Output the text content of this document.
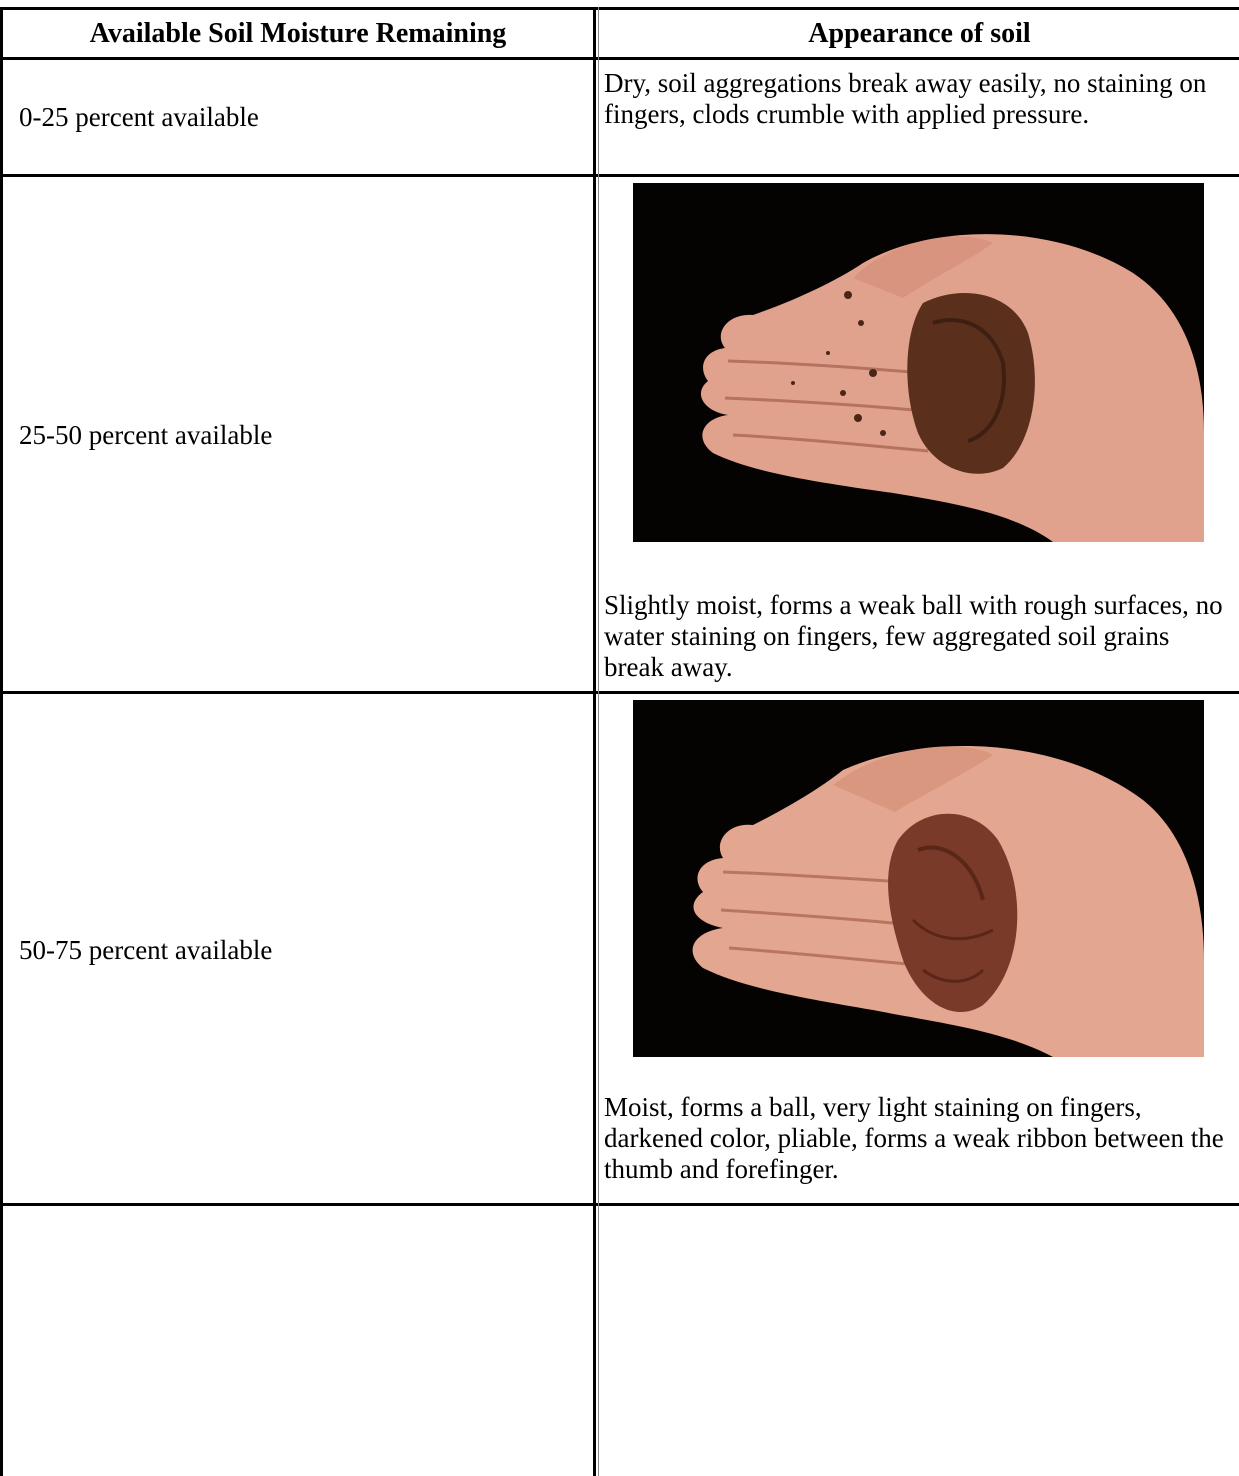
Available Soil Moisture Remaining	Appearance of soil
0-25 percent available
Dry, soil aggregations break away easily, no staining on fingers, clods crumble with applied pressure.
25-50 percent available
Slightly moist, forms a weak ball with rough surfaces, no water staining on fingers, few aggregated soil grains break away.
50-75 percent available
Moist, forms a ball, very light staining on fingers, darkened color, pliable, forms a weak ribbon between the thumb and forefinger.
